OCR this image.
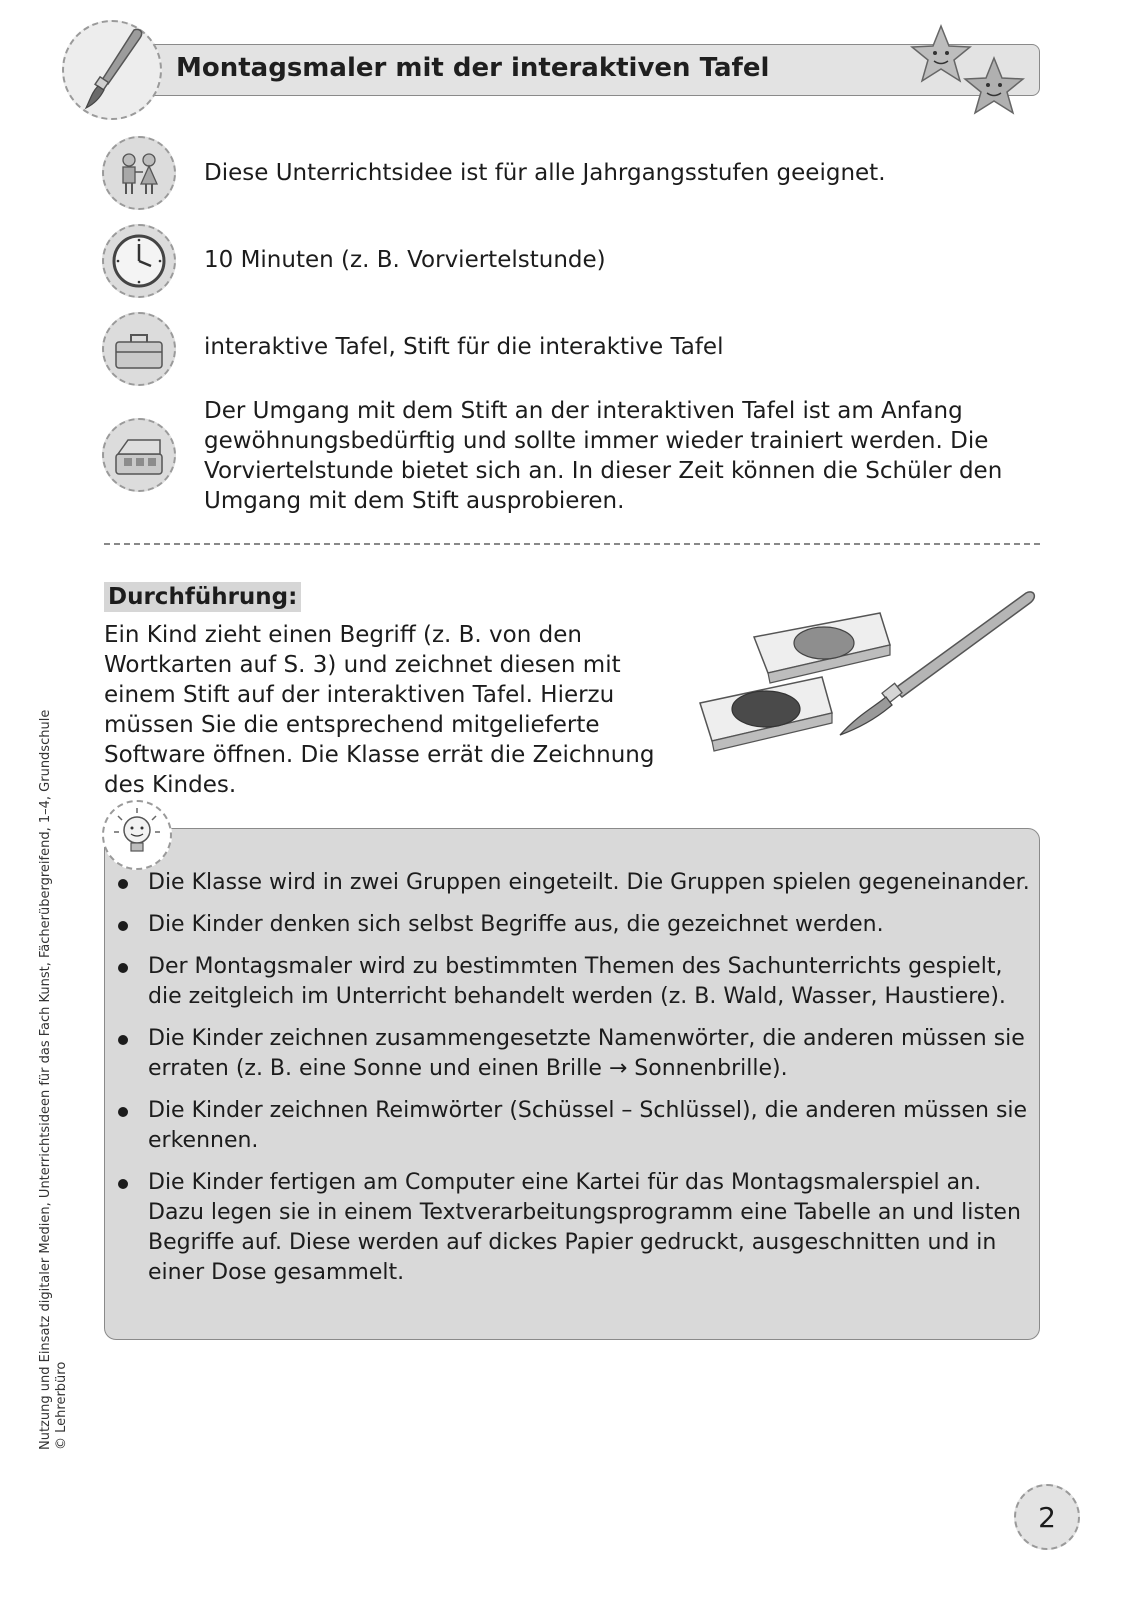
Montagsmaler mit der interaktiven Tafel
Diese Unterrichtsidee ist für alle Jahrgangsstufen geeignet.
10 Minuten (z. B. Vorviertelstunde)
interaktive Tafel, Stift für die interaktive Tafel
Der Umgang mit dem Stift an der interaktiven Tafel ist am Anfang gewöhnungsbedürftig und sollte immer wieder trainiert werden. Die Vorviertelstunde bietet sich an. In dieser Zeit können die Schüler den Umgang mit dem Stift ausprobieren.
Durchführung:
Ein Kind zieht einen Begriff (z. B. von den Wortkarten auf S. 3) und zeichnet diesen mit einem Stift auf der interaktiven Tafel. Hierzu müssen Sie die entsprechend mitgelieferte Software öffnen. Die Klasse errät die Zeichnung des Kindes.
Die Klasse wird in zwei Gruppen eingeteilt. Die Gruppen spielen gegeneinander.
Die Kinder denken sich selbst Begriffe aus, die gezeichnet werden.
Der Montagsmaler wird zu bestimmten Themen des Sachunterrichts gespielt, die zeitgleich im Unterricht behandelt werden (z. B. Wald, Wasser, Haustiere).
Die Kinder zeichnen zusammengesetzte Namenwörter, die anderen müssen sie erraten (z. B. eine Sonne und einen Brille → Sonnenbrille).
Die Kinder zeichnen Reimwörter (Schüssel – Schlüssel), die anderen müssen sie erkennen.
Die Kinder fertigen am Computer eine Kartei für das Montagsmalerspiel an. Dazu legen sie in einem Textverarbeitungsprogramm eine Tabelle an und listen Begriffe auf. Diese werden auf dickes Papier gedruckt, ausgeschnitten und in einer Dose gesammelt.
Nutzung und Einsatz digitaler Medien, Unterrichtsideen für das Fach Kunst, Fächerübergreifend, 1–4, Grundschule © Lehrerbüro
2
